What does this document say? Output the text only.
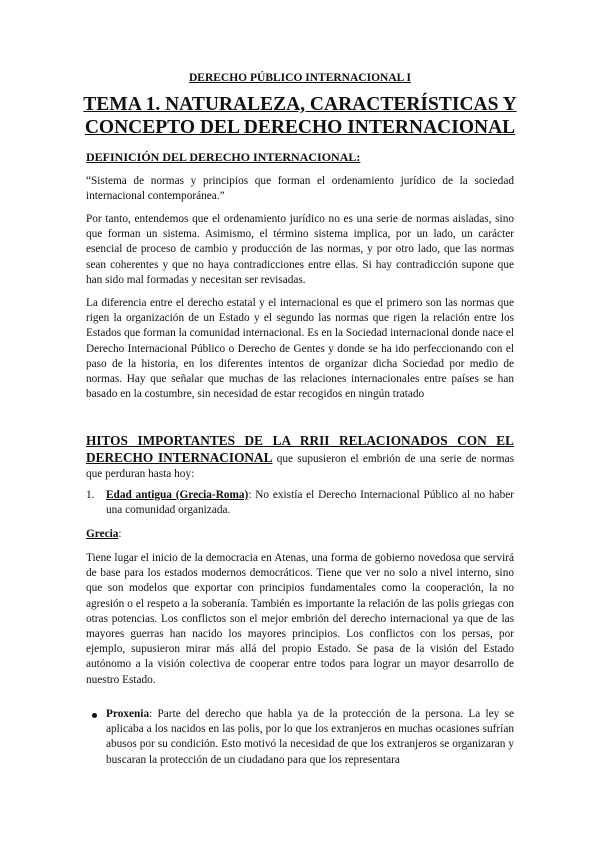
DERECHO PÚBLICO INTERNACIONAL I
TEMA 1. NATURALEZA, CARACTERÍSTICAS Y CONCEPTO DEL DERECHO INTERNACIONAL
DEFINICIÓN DEL DERECHO INTERNACIONAL:

“Sistema de normas y principios que forman el ordenamiento jurídico de la sociedad internacional contemporánea.”

Por tanto, entendemos que el ordenamiento jurídico no es una serie de normas aisladas, sino que forman un sistema. Asimismo, el término sistema implica, por un lado, un carácter esencial de proceso de cambio y producción de las normas, y por otro lado, que las normas sean coherentes y que no haya contradicciones entre ellas. Si hay contradicción supone que han sido mal formadas y necesitan ser revisadas.

La diferencia entre el derecho estatal y el internacional es que el primero son las normas que rigen la organización de un Estado y el segundo las normas que rigen la relación entre los Estados que forman la comunidad internacional. Es en la Sociedad internacional donde nace el Derecho Internacional Público o Derecho de Gentes y donde se ha ido perfeccionando con el paso de la historia, en los diferentes intentos de organizar dicha Sociedad por medio de normas. Hay que señalar que muchas de las relaciones internacionales entre países se han basado en la costumbre, sin necesidad de estar recogidos en ningún tratado

HITOS IMPORTANTES DE LA RRII RELACIONADOS CON EL DERECHO INTERNACIONAL que supusieron el embrión de una serie de normas que perduran hasta hoy:
1. Edad antigua (Grecia-Roma): No existía el Derecho Internacional Público al no haber una comunidad organizada.
Grecia:

Tiene lugar el inicio de la democracia en Atenas, una forma de gobierno novedosa que servirá de base para los estados modernos democráticos. Tiene que ver no solo a nivel interno, sino que son modelos que exportar con principios fundamentales como la cooperación, la no agresión o el respeto a la soberanía. También es importante la relación de las polis griegas con otras potencias. Los conflictos son el mejor embrión del derecho internacional ya que de las mayores guerras han nacido los mayores principios. Los conflictos con los persas, por ejemplo, supusieron mirar más allá del propio Estado. Se pasa de la visión del Estado autónomo a la visión colectiva de cooperar entre todos para lograr un mayor desarrollo de nuestro Estado.

Proxenia: Parte del derecho que habla ya de la protección de la persona. La ley se aplicaba a los nacidos en las polis, por lo que los extranjeros en muchas ocasiones sufrían abusos por su condición. Esto motivó la necesidad de que los extranjeros se organizaran y buscaran la protección de un ciudadano para que los representara
